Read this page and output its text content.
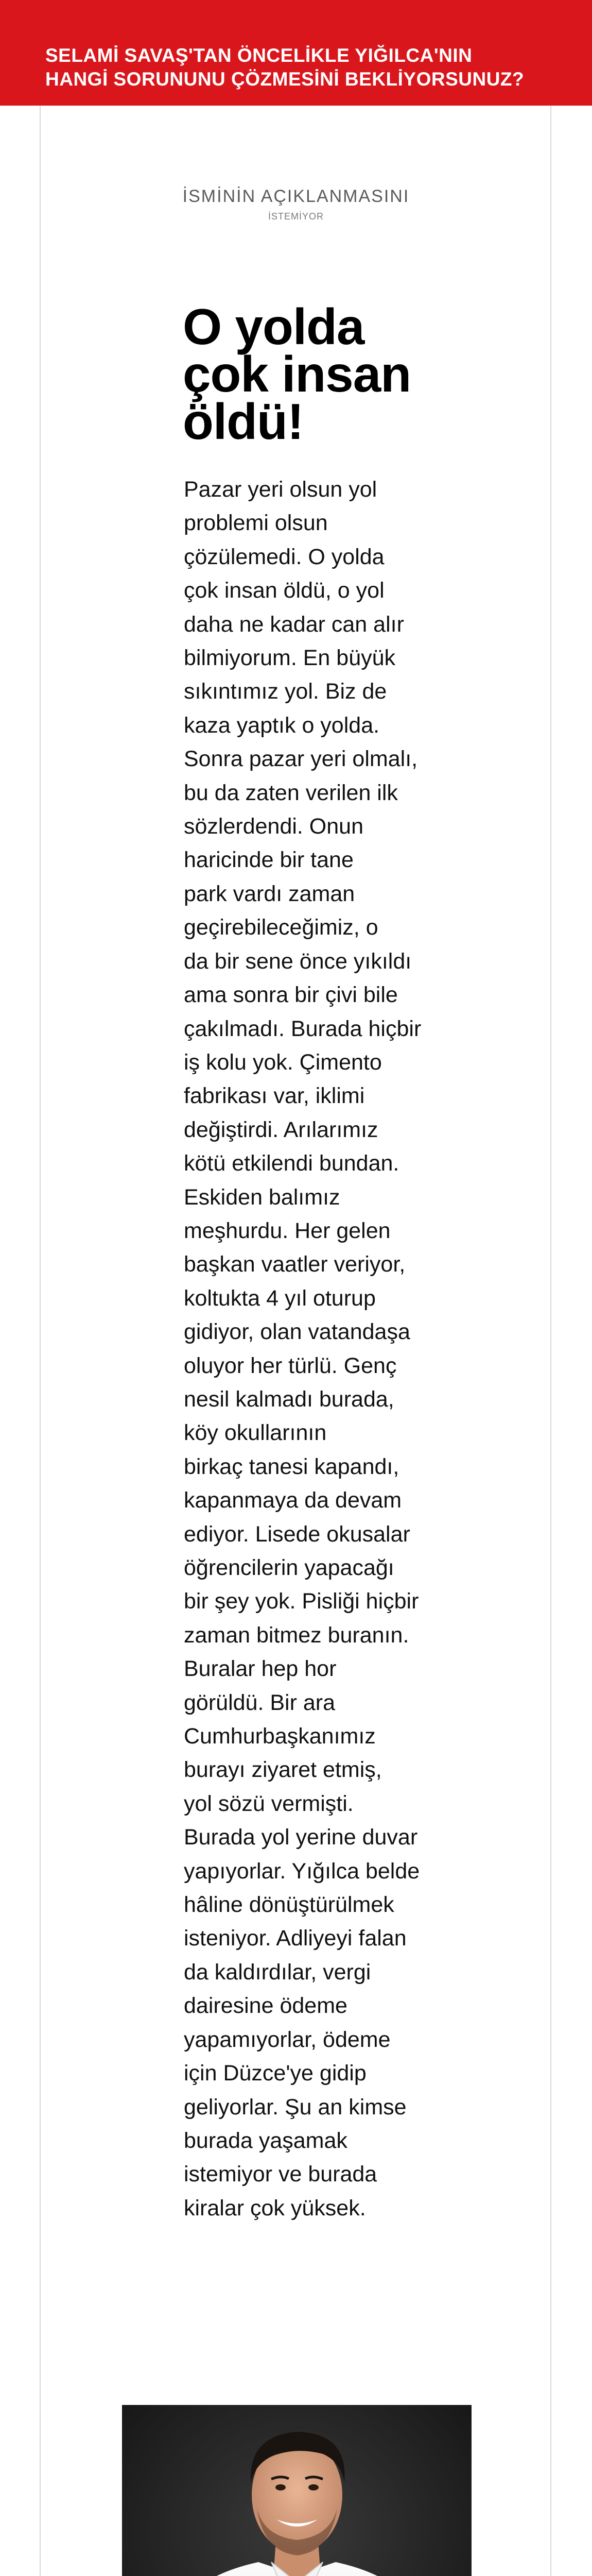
SELAMİ SAVAŞ'TAN ÖNCELİKLE YIĞILCA'NIN
HANGİ SORUNUNU ÇÖZMESİNİ BEKLİYORSUNUZ?
İSMİNİN AÇIKLANMASINI
İSTEMİYOR
O yolda
çok insan
öldü!

Pazar yeri olsun yol
problemi olsun
çözülemedi. O yolda
çok insan öldü, o yol
daha ne kadar can alır
bilmiyorum. En büyük
sıkıntımız yol. Biz de
kaza yaptık o yolda.
Sonra pazar yeri olmalı,
bu da zaten verilen ilk
sözlerdendi. Onun
haricinde bir tane
park vardı zaman
geçirebileceğimiz, o
da bir sene önce yıkıldı
ama sonra bir çivi bile
çakılmadı. Burada hiçbir
iş kolu yok. Çimento
fabrikası var, iklimi
değiştirdi. Arılarımız
kötü etkilendi bundan.
Eskiden balımız
meşhurdu. Her gelen
başkan vaatler veriyor,
koltukta 4 yıl oturup
gidiyor, olan vatandaşa
oluyor her türlü. Genç
nesil kalmadı burada,
köy okullarının
birkaç tanesi kapandı,
kapanmaya da devam
ediyor. Lisede okusalar
öğrencilerin yapacağı
bir şey yok. Pisliği hiçbir
zaman bitmez buranın.
Buralar hep hor
görüldü. Bir ara
Cumhurbaşkanımız
burayı ziyaret etmiş,
yol sözü vermişti.
Burada yol yerine duvar
yapıyorlar. Yığılca belde
hâline dönüştürülmek
isteniyor. Adliyeyi falan
da kaldırdılar, vergi
dairesine ödeme
yapamıyorlar, ödeme
için Düzce'ye gidip
geliyorlar. Şu an kimse
burada yaşamak
istemiyor ve burada
kiralar çok yüksek.
